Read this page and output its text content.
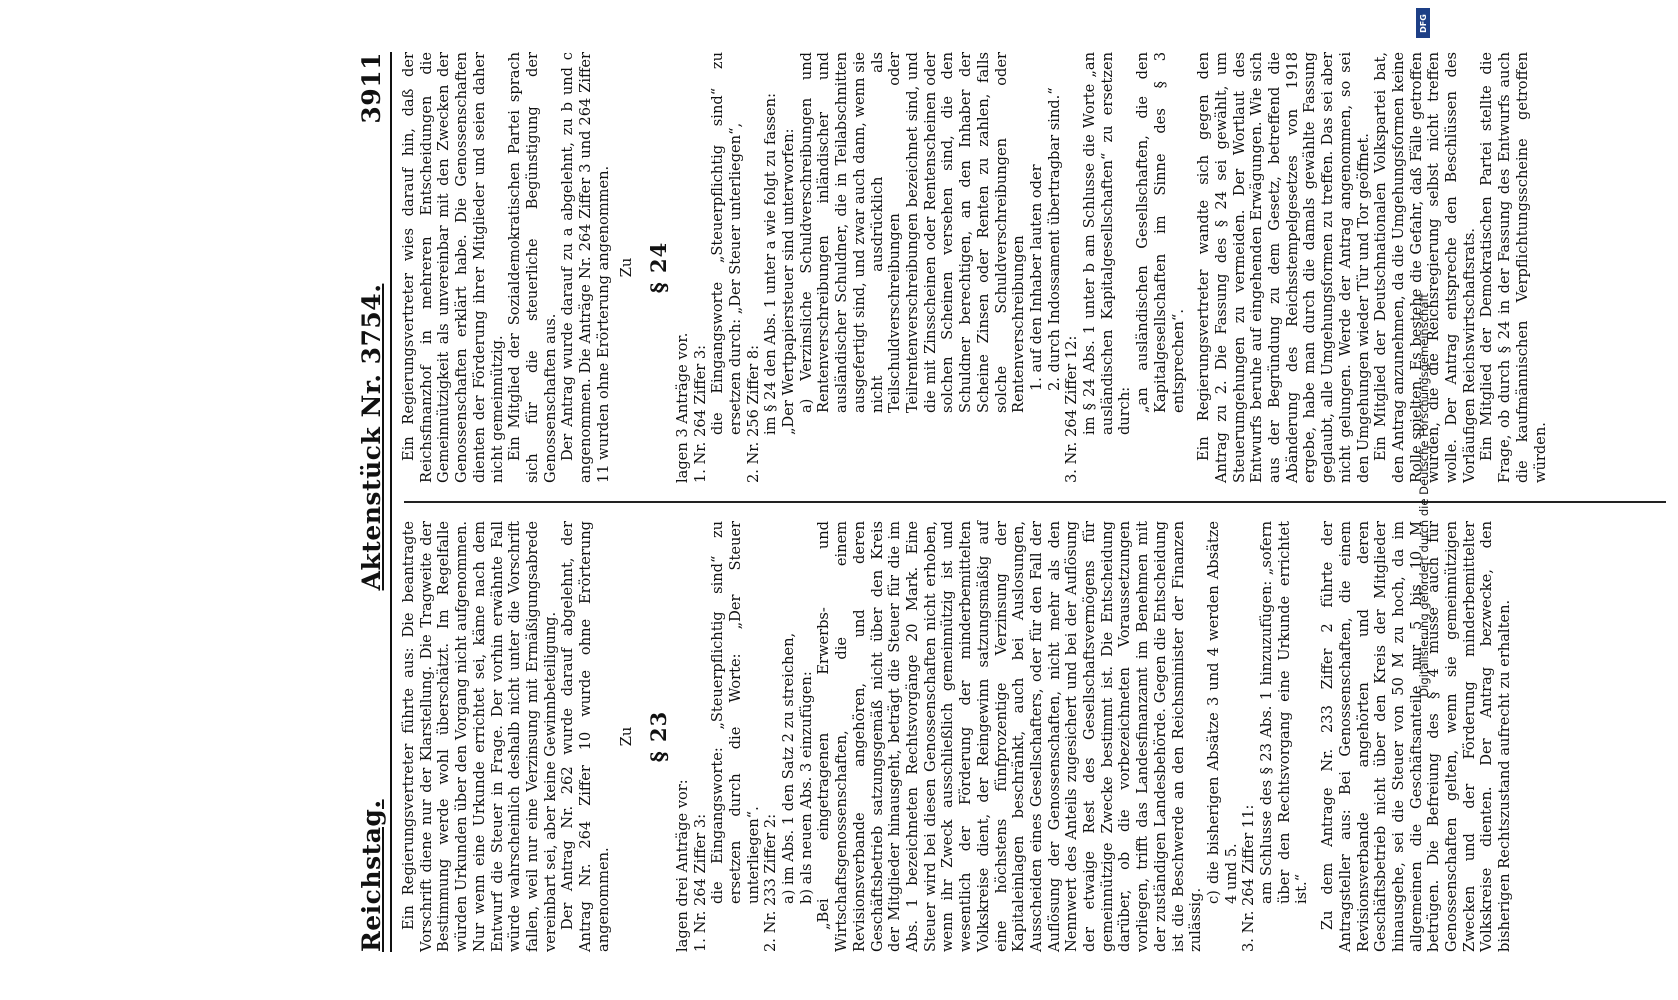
Reichstag.
Aktenstück Nr. 3754.
3911

Ein Regierungsvertreter führte aus: Die beantragte Vorschrift diene nur der Klarstellung. Die Tragweite der Bestimmung werde wohl überschätzt. Im Regelfalle würden Urkunden über den Vorgang nicht aufgenommen. Nur wenn eine Urkunde errichtet sei, käme nach dem Entwurf die Steuer in Frage. Der vorhin erwähnte Fall würde wahrscheinlich deshalb nicht unter die Vorschrift fallen, weil nur eine Verzinsung mit Ermäßigungsabrede vereinbart sei, aber keine Gewinnbeteiligung. Der Antrag Nr. 262 wurde darauf abgelehnt, der Antrag Nr. 264 Ziffer 10 wurde ohne Erörterung angenommen.

Zu § 23

lagen drei Anträge vor: 1. Nr. 264 Ziffer 3: die Eingangsworte: „Steuerpflichtig sind“ zu ersetzen durch die Worte: „Der Steuer unterliegen“. 2. Nr. 233 Ziffer 2: a) im Abs. 1 den Satz 2 zu streichen, b) als neuen Abs. 3 einzufügen: „Bei eingetragenen Erwerbs- und Wirtschaftsgenossenschaften, die einem Revisionsverbande angehören, und deren Geschäftsbetrieb satzungsgemäß nicht über den Kreis der Mitglieder hinausgeht, beträgt die Steuer für die im Abs. 1 bezeichneten Rechtsvorgänge 20 Mark. Eine Steuer wird bei diesen Genossenschaften nicht erhoben, wenn ihr Zweck ausschließlich gemeinnützig ist und wesentlich der Förderung der minderbemittelten Volkskreise dient, der Reingewinn satzungsmäßig auf eine höchstens fünfprozentige Verzinsung der Kapitaleinlagen beschränkt, auch bei Auslosungen, Ausscheiden eines Gesellschafters, oder für den Fall der Auflösung der Genossenschaften, nicht mehr als den Nennwert des Anteils zugesichert und bei der Auflösung der etwaige Rest des Gesellschaftsvermögens für gemeinnützige Zwecke bestimmt ist. Die Entscheidung darüber, ob die vorbezeichneten Voraussetzungen vorliegen, trifft das Landesfinanzamt im Benehmen mit der zuständigen Landesbehörde. Gegen die Entscheidung ist die Beschwerde an den Reichsminister der Finanzen zulässig.

c) die bisherigen Absätze 3 und 4 werden Absätze 4 und 5. 3. Nr. 264 Ziffer 11: am Schlusse des § 23 Abs. 1 hinzuzufügen: „sofern über den Rechtsvorgang eine Urkunde errichtet ist.“ Zu dem Antrage Nr. 233 Ziffer 2 führte der Antragsteller aus: Bei Genossenschaften, die einem Revisionsverbande angehörten und deren Geschäftsbetrieb nicht über den Kreis der Mitglieder hinausgehe, sei die Steuer von 50 M zu hoch, da im allgemeinen die Geschäftsanteile nur 5 bis 10 M betrügen. Die Befreiung des § 4 müsse auch für Genossenschaften gelten, wenn sie gemeinnützigen Zwecken und der Förderung minderbemittelter Volkskreise dienten. Der Antrag bezwecke, den bisherigen Rechtszustand aufrecht zu erhalten.

Ein Regierungsvertreter wies darauf hin, daß der Reichsfinanzhof in mehreren Entscheidungen die Gemeinnützigkeit als unvereinbar mit den Zwecken der Genossenschaften erklärt habe. Die Genossenschaften dienten der Förderung ihrer Mitglieder und seien daher nicht gemeinnützig. Ein Mitglied der Sozialdemokratischen Partei sprach sich für die steuerliche Begünstigung der Genossenschaften aus. Der Antrag wurde darauf zu a abgelehnt, zu b und c angenommen. Die Anträge Nr. 264 Ziffer 3 und 264 Ziffer 11 wurden ohne Erörterung angenommen. Zu § 24

lagen 3 Anträge vor. 1. Nr. 264 Ziffer 3: die Eingangsworte „Steuerpflichtig sind“ zu ersetzen durch: „Der Steuer unterliegen“, 2. Nr. 256 Ziffer 8: im § 24 den Abs. 1 unter a wie folgt zu fassen: „Der Wertpapiersteuer sind unterworfen: a) Verzinsliche Schuldverschreibungen und Rentenverschreibungen inländischer und ausländischer Schuldner, die in Teilabschnitten ausgefertigt sind, und zwar auch dann, wenn sie nicht ausdrücklich als Teilschuldverschreibungen oder Teilrentenverschreibungen bezeichnet sind, und die mit Zinsscheinen oder Rentenscheinen oder solchen Scheinen versehen sind, die den Schuldner berechtigen, an den Inhaber der Scheine Zinsen oder Renten zu zahlen, falls solche Schuldverschreibungen oder Rentenverschreibungen 1. auf den Inhaber lauten oder 2. durch Indossament übertragbar sind.“

3. Nr. 264 Ziffer 12: im § 24 Abs. 1 unter b am Schlusse die Worte „an ausländischen Kapitalgesellschaften“ zu ersetzen durch: „an ausländischen Gesellschaften, die den Kapitalgesellschaften im Sinne des § 3 entsprechen“. Ein Regierungsvertreter wandte sich gegen den Antrag zu 2. Die Fassung des § 24 sei gewählt, um Steuerumgehungen zu vermeiden. Der Wortlaut des Entwurfs beruhe auf eingehenden Erwägungen. Wie sich aus der Begründung zu dem Gesetz, betreffend die Abänderung des Reichsstempelgesetzes von 1918 ergebe, habe man durch die damals gewählte Fassung geglaubt, alle Umgehungsformen zu treffen. Das sei aber nicht gelungen. Werde der Antrag angenommen, so sei den Umgehungen wieder Tür und Tor geöffnet. Ein Mitglied der Deutschnationalen Volkspartei bat, den Antrag anzunehmen, da die Umgehungsformen keine Rolle spielten. Es bestehe die Gefahr, daß Fälle getroffen würden, die die Reichsregierung selbst nicht treffen wolle. Der Antrag entspreche den Beschlüssen des Vorläufigen Reichswirtschaftsrats. Ein Mitglied der Demokratischen Partei stellte die Frage, ob durch § 24 in der Fassung des Entwurfs auch die kaufmännischen Verpflichtungsscheine getroffen würden.

Digitalisierung gefördert durch die Deutsche Forschungsgemeinschaft
DFG
